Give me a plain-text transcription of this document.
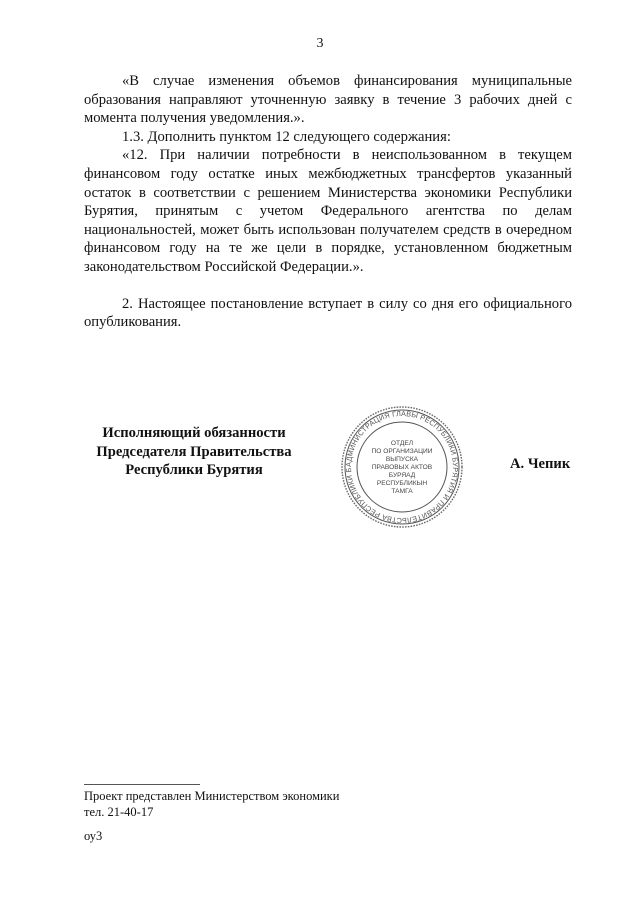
3

«В случае изменения объемов финансирования муниципальные образования направляют уточненную заявку в течение 3 рабочих дней с момента получения уведомления.».

1.3. Дополнить пунктом 12 следующего содержания:

«12. При наличии потребности в неиспользованном в текущем финансовом году остатке иных межбюджетных трансфертов указанный остаток в соответствии с решением Министерства экономики Республики Бурятия, принятым с учетом Федерального агентства по делам национальностей, может быть использован получателем средств в очередном финансовом году на те же цели в порядке, установленном бюджетным законодательством Российской Федерации.».

2. Настоящее постановление вступает в силу со дня его официального опубликования.

Исполняющий обязанности
Председателя Правительства
Республики Бурятия	АДМИНИСТРАЦИЯ ГЛАВЫ РЕСПУБЛИКИ БУРЯТИЯ И ПРАВИТЕЛЬСТВА РЕСПУБЛИКИ Б
ОТДЕЛ
ПО ОРГАНИЗАЦИИ
ВЫПУСКА
ПРАВОВЫХ АКТОВ
БУРЯАД
РЕСПУБЛИКЫН
ТАМГА
А. Чепик
Проект представлен Министерством экономики
тел. 21-40-17
оу3
